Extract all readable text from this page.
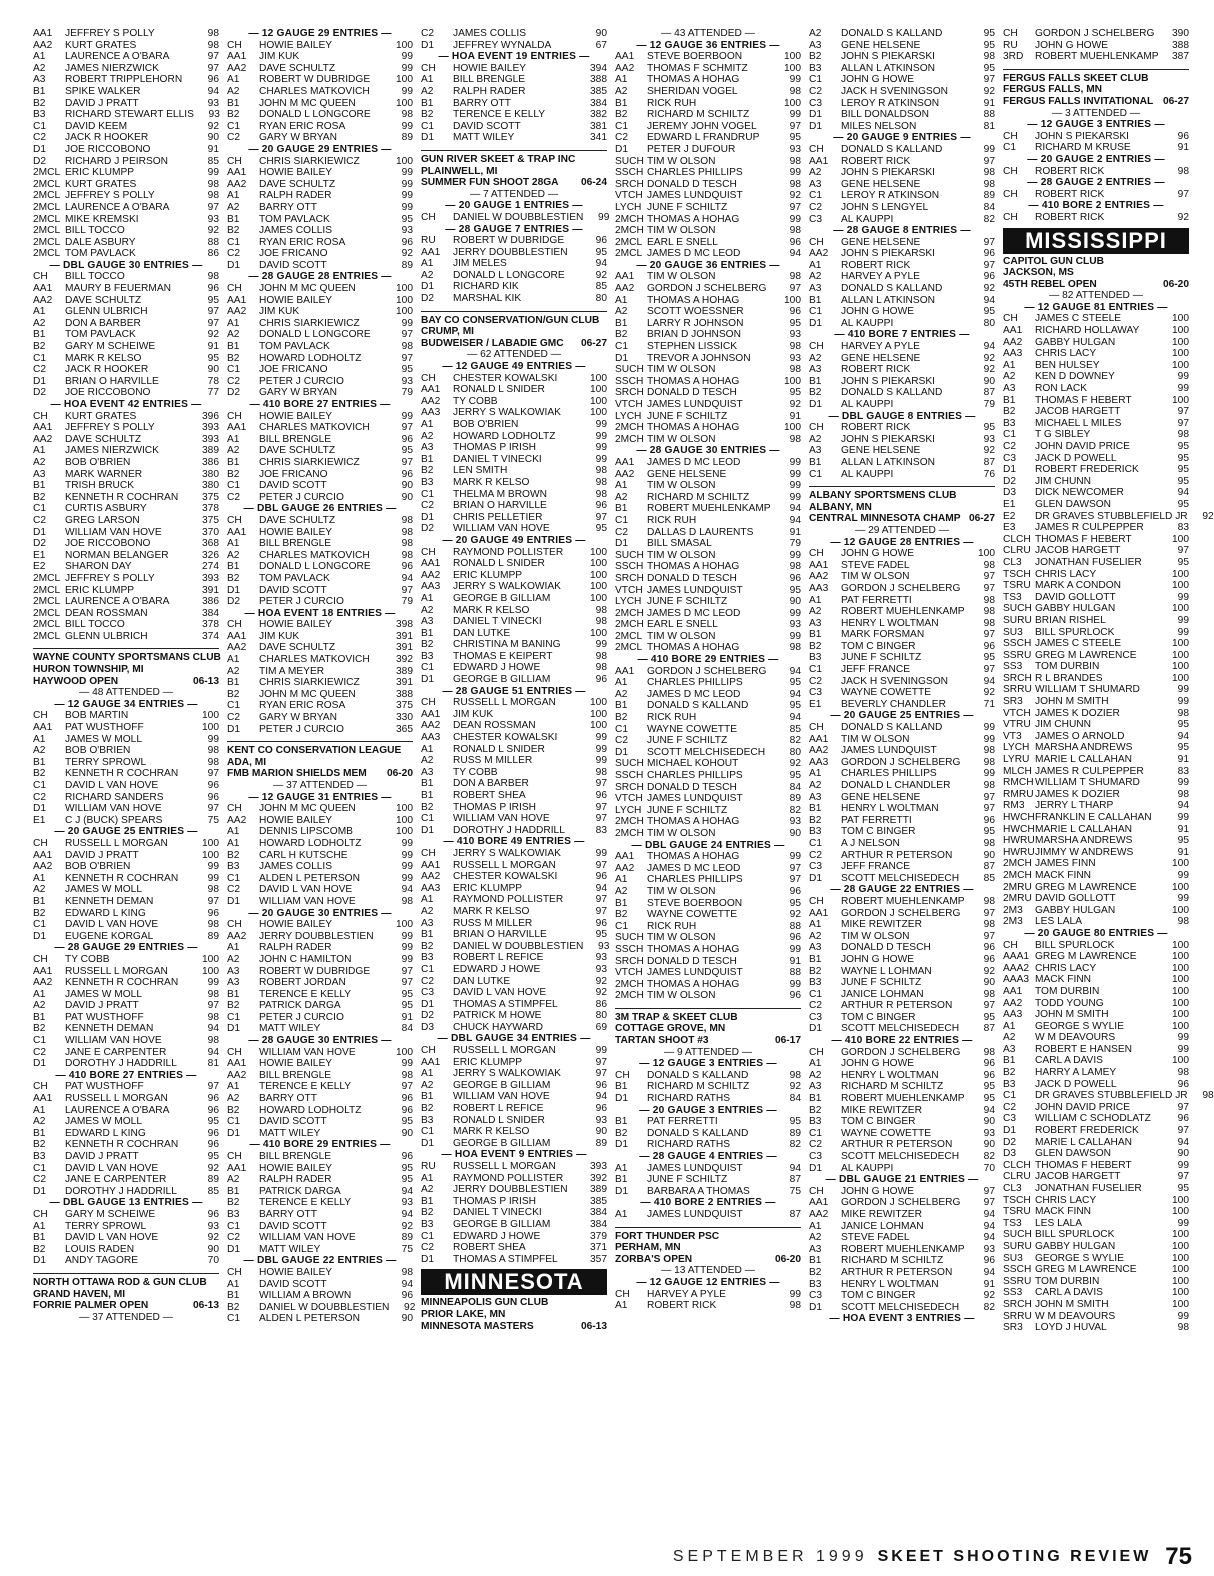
AA1	JEFFREY S POLLY	98
AA2	KURT GRATES	98
A1	LAURENCE A O'BARA	97
A2	JAMES NIERZWICK	97
A3	ROBERT TRIPPLEHORN	96
B1	SPIKE WALKER	94
B2	DAVID J PRATT	93
B3	RICHARD STEWART ELLIS	93
C1	DAVID KEEM	92
C2	JACK R HOOKER	90
D1	JOE RICCOBONO	91
D2	RICHARD J PEIRSON	85
2MCL ERIC KLUMPP	99
2MCL KURT GRATES	98
2MCL JEFFREY S POLLY	98
2MCL LAURENCE A O'BARA	97
2MCL MIKE KREMSKI	93
2MCL BILL TOCCO	92
2MCL DALE ASBURY	88
2MCL TOM PAVLACK	86
— DBL GAUGE 30 ENTRIES —
CH	BILL TOCCO	98
AA1	MAURY B FEUERMAN	96
AA2	DAVE SCHULTZ	95
A1	GLENN ULBRICH	97
A2	DON A BARBER	97
B1	TOM PAVLACK	92
B2	GARY M SCHEIWE	91
C1	MARK R KELSO	95
C2	JACK R HOOKER	90
D1	BRIAN O HARVILLE	78
D2	JOE RICCOBONO	77
— HOA EVENT 42 ENTRIES —
CH	KURT GRATES	396
AA1	JEFFREY S POLLY	393
AA2	DAVE SCHULTZ	393
A1	JAMES NIERZWICK	389
A2	BOB O'BRIEN	386
A3	MARK WARNER	380
B1	TRISH BRUCK	380
B2	KENNETH R COCHRAN	375
C1	CURTIS ASBURY	378
C2	GREG LARSON	375
D1	WILLIAM VAN HOVE	370
D2	JOE RICCOBONO	368
E1	NORMAN BELANGER	326
E2	SHARON DAY	274
2MCL JEFFREY S POLLY	393
2MCL ERIC KLUMPP	391
2MCL LAURENCE A O'BARA	386
2MCL DEAN ROSSMAN	384
2MCL BILL TOCCO	378
2MCL GLENN ULBRICH	374
WAYNE COUNTY SPORTSMANS CLUB
HURON TOWNSHIP, MI
HAYWOOD OPEN	06-13
— 48 ATTENDED —
— 12 GAUGE 34 ENTRIES —
CH	BOB MARTIN	100
AA1	PAT WUSTHOFF	100
A1	JAMES W MOLL	99
A2	BOB O'BRIEN	98
B1	TERRY SPROWL	98
B2	KENNETH R COCHRAN	97
C1	DAVID L VAN HOVE	96
C2	RICHARD SANDERS	96
D1	WILLIAM VAN HOVE	97
E1	C J (BUCK) SPEARS	75
— 20 GAUGE 25 ENTRIES —
CH	RUSSELL L MORGAN	100
AA1	DAVID J PRATT	100
AA2	BOB O'BRIEN	99
A1	KENNETH R COCHRAN	99
A2	JAMES W MOLL	98
B1	KENNETH DEMAN	97
B2	EDWARD L KING	96
C1	DAVID L VAN HOVE	98
D1	EUGENE KORGAL	89
— 28 GAUGE 29 ENTRIES —
CH	TY COBB	100
AA1	RUSSELL L MORGAN	100
AA2	KENNETH R COCHRAN	99
A1	JAMES W MOLL	98
A2	DAVID J PRATT	97
B1	PAT WUSTHOFF	98
B2	KENNETH DEMAN	94
C1	WILLIAM VAN HOVE	98
C2	JANE E CARPENTER	94
D1	DOROTHY J HADDRILL	81
— 410 BORE 27 ENTRIES —
CH	PAT WUSTHOFF	97
AA1	RUSSELL L MORGAN	96
A1	LAURENCE A O'BARA	96
A2	JAMES W MOLL	95
B1	EDWARD L KING	96
B2	KENNETH R COCHRAN	96
B3	DAVID J PRATT	95
C1	DAVID L VAN HOVE	92
C2	JANE E CARPENTER	89
D1	DOROTHY J HADDRILL	85
— DBL GAUGE 13 ENTRIES —
CH	GARY M SCHEIWE	96
A1	TERRY SPROWL	93
B1	DAVID L VAN HOVE	92
B2	LOUIS RADEN	90
D1	ANDY TAGORE	70
NORTH OTTAWA ROD & GUN CLUB
GRAND HAVEN, MI
FORRIE PALMER OPEN	06-13
— 37 ATTENDED —
— 12 GAUGE 29 ENTRIES —
CH	HOWIE BAILEY	100
AA1	JIM KUK	99
AA2	DAVE SCHULTZ	99
A1	ROBERT W DUBRIDGE	100
A2	CHARLES MATKOVICH	99
B1	JOHN M MC QUEEN	100
B2	DONALD L LONGCORE	98
C1	RYAN ERIC ROSA	99
C2	GARY W BRYAN	89
— 20 GAUGE 29 ENTRIES —
CH	CHRIS SIARKIEWICZ	100
AA1	HOWIE BAILEY	99
AA2	DAVE SCHULTZ	99
A1	RALPH RADER	99
A2	BARRY OTT	99
B1	TOM PAVLACK	95
B2	JAMES COLLIS	93
C1	RYAN ERIC ROSA	96
C2	JOE FRICANO	92
D1	DAVID SCOTT	89
— 28 GAUGE 28 ENTRIES —
CH	JOHN M MC QUEEN	100
AA1	HOWIE BAILEY	100
AA2	JIM KUK	100
A1	CHRIS SIARKIEWICZ	99
A2	DONALD L LONGCORE	97
B1	TOM PAVLACK	98
B2	HOWARD LODHOLTZ	97
C1	JOE FRICANO	95
C2	PETER J CURCIO	93
D2	GARY W BRYAN	79
— 410 BORE 27 ENTRIES —
CH	HOWIE BAILEY	99
AA1	CHARLES MATKOVICH	97
A1	BILL BRENGLE	96
A2	DAVE SCHULTZ	95
B1	CHRIS SIARKIEWICZ	97
B2	JOE FRICANO	96
C1	DAVID SCOTT	90
C2	PETER J CURCIO	90
— DBL GAUGE 26 ENTRIES —
CH	DAVE SCHULTZ	98
AA1	HOWIE BAILEY	98
A1	BILL BRENGLE	98
A2	CHARLES MATKOVICH	98
B1	DONALD L LONGCORE	96
B2	TOM PAVLACK	94
D1	DAVID SCOTT	97
D2	PETER J CURCIO	79
— HOA EVENT 18 ENTRIES —
CH	HOWIE BAILEY	398
AA1	JIM KUK	391
AA2	DAVE SCHULTZ	391
A1	CHARLES MATKOVICH	392
A2	TIM A MEYER	389
B1	CHRIS SIARKIEWICZ	391
B2	JOHN M MC QUEEN	388
C1	RYAN ERIC ROSA	375
C2	GARY W BRYAN	330
D1	PETER J CURCIO	365
KENT CO CONSERVATION LEAGUE
ADA, MI
FMB MARION SHIELDS MEM 06-20
— 37 ATTENDED —
— 12 GAUGE 31 ENTRIES —
CH	JOHN M MC QUEEN	100
AA2	HOWIE BAILEY	100
A1	DENNIS LIPSCOMB	100
A1	HOWARD LODHOLTZ	99
B2	CARL H KUTSCHE	99
B3	JAMES COLLIS	99
C1	ALDEN L PETERSON	99
C2	DAVID L VAN HOVE	94
D1	WILLIAM VAN HOVE	98
— 20 GAUGE 30 ENTRIES —
CH	HOWIE BAILEY	100
AA2	JERRY DOUBBLESTIEN	99
A1	RALPH RADER	99
A2	JOHN C HAMILTON	99
A3	ROBERT W DUBRIDGE	97
A3	ROBERT JORDAN	97
B1	TERENCE E KELLY	95
B2	PATRICK DARGA	95
C1	PETER J CURCIO	91
D1	MATT WILEY	84
— 28 GAUGE 30 ENTRIES —
CH	WILLIAM VAN HOVE	100
AA1	HOWIE BAILEY	99
AA2	BILL BRENGLE	98
A1	TERENCE E KELLY	97
A2	BARRY OTT	96
B2	HOWARD LODHOLTZ	96
C1	DAVID SCOTT	95
D1	MATT WILEY	90
— 410 BORE 29 ENTRIES —
CH	BILL BRENGLE	96
AA1	HOWIE BAILEY	95
A2	RALPH RADER	95
B1	PATRICK DARGA	94
B2	TERENCE E KELLY	93
B3	BARRY OTT	94
C1	DAVID SCOTT	92
C2	WILLIAM VAN HOVE	89
D1	MATT WILEY	75
— DBL GAUGE 22 ENTRIES —
CH	HOWIE BAILEY	98
A1	DAVID SCOTT	94
B1	WILLIAM A BROWN	96
B2	DANIEL W DOUBBLESTIEN	92
C1	ALDEN L PETERSON	90
C2	JAMES COLLIS	90
D1	JEFFREY WYNALDA	67
— HOA EVENT 19 ENTRIES —
CH	HOWIE BAILEY	394
A1	BILL BRENGLE	388
A2	RALPH RADER	385
B1	BARRY OTT	384
B2	TERENCE E KELLY	382
C1	DAVID SCOTT	381
D1	MATT WILEY	341
GUN RIVER SKEET & TRAP INC
PLAINWELL, MI
SUMMER FUN SHOOT 28GA 06-24
— 7 ATTENDED —
— 20 GAUGE 1 ENTRIES —
CH	DANIEL W DOUBBLESTIEN	99
— 28 GAUGE 7 ENTRIES —
RU	ROBERT W DUBRIDGE	96
AA1	JERRY DOUBBLESTIEN	95
A1	JIM MELES	94
A2	DONALD L LONGCORE	92
D1	RICHARD KIK	85
D2	MARSHAL KIK	80
BAY CO CONSERVATION/GUN CLUB
CRUMP, MI
BUDWEISER / LABADIE GMC 06-27
— 62 ATTENDED —
— 12 GAUGE 49 ENTRIES —
CH	CHESTER KOWALSKI	100
AA1	RONALD L SNIDER	100
AA2	TY COBB	100
AA3	JERRY S WALKOWIAK	100
A1	BOB O'BRIEN	99
A2	HOWARD LODHOLTZ	99
A3	THOMAS P IRISH	99
B1	DANIEL T VINECKI	99
B2	LEN SMITH	98
B3	MARK R KELSO	98
C1	THELMA M BROWN	98
C2	BRIAN O HARVILLE	96
D1	CHRIS PELLETIER	97
D2	WILLIAM VAN HOVE	95
— 20 GAUGE 49 ENTRIES —
CH	RAYMOND POLLISTER	100
AA1	RONALD L SNIDER	100
AA2	ERIC KLUMPP	100
AA3	JERRY S WALKOWIAK	100
A1	GEORGE B GILLIAM	100
A2	MARK R KELSO	98
A3	DANIEL T VINECKI	98
B1	DAN LUTKE	100
B2	CHRISTINA M BANING	99
B3	THOMAS E KEIPERT	98
C1	EDWARD J HOWE	98
D1	GEORGE B GILLIAM	96
— 28 GAUGE 51 ENTRIES —
CH	RUSSELL L MORGAN	100
AA1	JIM KUK	100
AA2	DEAN ROSSMAN	100
AA3	CHESTER KOWALSKI	99
A1	RONALD L SNIDER	99
A2	RUSS M MILLER	99
A3	TY COBB	98
B1	DON A BARBER	97
B1	ROBERT SHEA	96
B2	THOMAS P IRISH	97
C1	WILLIAM VAN HOVE	97
D1	DOROTHY J HADDRILL	83
— 410 BORE 49 ENTRIES —
CH	JERRY S WALKOWIAK	99
AA1	RUSSELL L MORGAN	97
AA2	CHESTER KOWALSKI	96
AA3	ERIC KLUMPP	94
A1	RAYMOND POLLISTER	97
A2	MARK R KELSO	97
A3	RUSS M MILLER	96
B1	BRIAN O HARVILLE	95
B2	DANIEL W DOUBBLESTIEN	93
B3	ROBERT L REFICE	93
C1	EDWARD J HOWE	93
C2	DAN LUTKE	92
C3	DAVID L VAN HOVE	92
D1	THOMAS A STIMPFEL	86
D2	PATRICK M HOWE	80
D3	CHUCK HAYWARD	69
— DBL GAUGE 34 ENTRIES —
CH	RUSSELL L MORGAN	99
AA1	ERIC KLUMPP	97
A1	JERRY S WALKOWIAK	97
A2	GEORGE B GILLIAM	96
B1	WILLIAM VAN HOVE	94
B2	ROBERT L REFICE	96
B3	RONALD L SNIDER	93
C1	MARK R KELSO	90
D1	GEORGE B GILLIAM	89
— HOA EVENT 9 ENTRIES —
RU	RUSSELL L MORGAN	393
A1	RAYMOND POLLISTER	392
A2	JERRY DOUBBLESTIEN	389
B1	THOMAS P IRISH	385
B2	DANIEL T VINECKI	384
B3	GEORGE B GILLIAM	384
C1	EDWARD J HOWE	379
C2	ROBERT SHEA	371
D1	THOMAS A STIMPFEL	357
MINNESOTA
MINNEAPOLIS GUN CLUB
PRIOR LAKE, MN
MINNESOTA MASTERS	06-13
— 43 ATTENDED —
— 12 GAUGE 36 ENTRIES —
AA1	STEVE BOERBOON	100
AA2	THOMAS F SCHMITZ	100
A1	THOMAS A HOHAG	99
A2	SHERIDAN VOGEL	98
B1	RICK RUH	100
B2	RICHARD M SCHILTZ	99
C1	JEREMY JOHN VOGEL	97
C2	EDWARD L FRANDRUP	95
D1	PETER J DUFOUR	93
SUCH TIM W OLSON	98
SSCH CHARLES PHILLIPS	99
SRCH DONALD D TESCH	98
VTCH JAMES LUNDQUIST	92
LYCH JUNE F SCHILTZ	97
2MCH THOMAS A HOHAG	99
2MCH TIM W OLSON	98
2MCL EARL E SNELL	96
2MCL JAMES D MC LEOD	94
— 20 GAUGE 36 ENTRIES —
AA1	TIM W OLSON	98
AA2	GORDON J SCHELBERG	97
A1	THOMAS A HOHAG	100
A2	SCOTT WOESSNER	96
B1	LARRY R JOHNSON	95
B2	BRIAN D JOHNSON	93
C1	STEPHEN LISSICK	98
D1	TREVOR A JOHNSON	93
SUCH TIM W OLSON	98
SSCH THOMAS A HOHAG	100
SRCH DONALD D TESCH	95
VTCH JAMES LUNDQUIST	92
LYCH JUNE F SCHILTZ	91
2MCH THOMAS A HOHAG	100
2MCH TIM W OLSON	98
— 28 GAUGE 30 ENTRIES —
AA1	JAMES D MC LEOD	99
AA2	GENE HELSENE	99
A1	TIM W OLSON	99
A2	RICHARD M SCHILTZ	99
B1	ROBERT MUEHLENKAMP	94
C1	RICK RUH	94
C2	DALLAS D LAURENTS	91
D1	BILL SMASAL	79
SUCH TIM W OLSON	99
SSCH THOMAS A HOHAG	98
SRCH DONALD D TESCH	96
VTCH JAMES LUNDQUIST	95
LYCH JUNE F SCHILTZ	90
2MCH JAMES D MC LEOD	99
2MCH EARL E SNELL	93
2MCL TIM W OLSON	99
2MCL THOMAS A HOHAG	98
— 410 BORE 29 ENTRIES —
AA1	GORDON J SCHELBERG	94
A1	CHARLES PHILLIPS	95
A2	JAMES D MC LEOD	94
B1	DONALD S KALLAND	95
B2	RICK RUH	94
C1	WAYNE COWETTE	85
C2	JUNE F SCHILTZ	82
D1	SCOTT MELCHISEDECH	80
SUCH MICHAEL KOHOUT	92
SSCH CHARLES PHILLIPS	95
SRCH DONALD D TESCH	84
VTCH JAMES LUNDQUIST	89
LYCH JUNE F SCHILTZ	82
2MCH THOMAS A HOHAG	93
2MCH TIM W OLSON	90
— DBL GAUGE 24 ENTRIES —
AA1	THOMAS A HOHAG	99
AA2	JAMES D MC LEOD	97
A1	CHARLES PHILLIPS	97
A2	TIM W OLSON	96
B1	STEVE BOERBOON	95
B2	WAYNE COWETTE	92
C1	RICK RUH	88
SUCH TIM W OLSON	96
SSCH THOMAS A HOHAG	99
SRCH DONALD D TESCH	91
VTCH JAMES LUNDQUIST	88
2MCH THOMAS A HOHAG	99
2MCH TIM W OLSON	96
3M TRAP & SKEET CLUB
COTTAGE GROVE, MN
TARTAN SHOOT #3	06-17
— 9 ATTENDED —
— 12 GAUGE 3 ENTRIES —
CH	DONALD S KALLAND	98
B1	RICHARD M SCHILTZ	92
D1	RICHARD RATHS	84
— 20 GAUGE 3 ENTRIES —
B1	PAT FERRETTI	95
B2	DONALD S KALLAND	89
D1	RICHARD RATHS	82
— 28 GAUGE 4 ENTRIES —
A1	JAMES LUNDQUIST	94
B1	JUNE F SCHILTZ	87
D1	BARBARA A THOMAS	75
— 410 BORE 2 ENTRIES —
A1	JAMES LUNDQUIST	87
FORT THUNDER PSC
PERHAM, MN
ZORBA'S OPEN	06-20
— 13 ATTENDED —
— 12 GAUGE 12 ENTRIES —
CH	HARVEY A PYLE	99
A1	ROBERT RICK	98
A2	DONALD S KALLAND	95
A3	GENE HELSENE	95
B2	JOHN S PIEKARSKI	98
B3	ALLAN L ATKINSON	95
C1	JOHN G HOWE	97
C2	JACK H SVENINGSON	92
C3	LEROY R ATKINSON	91
D1	BILL DONALDSON	88
D1	MILES NELSON	81
— 20 GAUGE 9 ENTRIES —
CH	DONALD S KALLAND	99
AA1	ROBERT RICK	97
A2	JOHN S PIEKARSKI	98
A3	GENE HELSENE	98
C1	LEROY R ATKINSON	89
C2	JOHN S LENGYEL	84
C3	AL KAUPPI	82
— 28 GAUGE 8 ENTRIES —
CH	GENE HELSENE	97
AA2	JOHN S PIEKARSKI	96
A1	ROBERT RICK	97
A2	HARVEY A PYLE	96
A3	DONALD S KALLAND	92
B1	ALLAN L ATKINSON	94
C1	JOHN G HOWE	95
D1	AL KAUPPI	80
— 410 BORE 7 ENTRIES —
CH	HARVEY A PYLE	94
A2	GENE HELSENE	92
A3	ROBERT RICK	92
B1	JOHN S PIEKARSKI	90
B2	DONALD S KALLAND	87
D1	AL KAUPPI	79
— DBL GAUGE 8 ENTRIES —
CH	ROBERT RICK	95
A2	JOHN S PIEKARSKI	93
A3	GENE HELSENE	92
B1	ALLAN L ATKINSON	87
C1	AL KAUPPI	76
ALBANY SPORTSMENS CLUB
ALBANY, MN
CENTRAL MINNESOTA CHAMP 06-27
— 29 ATTENDED —
— 12 GAUGE 28 ENTRIES —
CH	JOHN G HOWE	100
AA1	STEVE FADEL	98
AA2	TIM W OLSON	97
AA3	GORDON J SCHELBERG	97
A1	PAT FERRETTI	98
A2	ROBERT MUEHLENKAMP	98
A3	HENRY L WOLTMAN	98
B1	MARK FORSMAN	97
B2	TOM C BINGER	96
B3	JUNE F SCHILTZ	95
C1	JEFF FRANCE	97
C2	JACK H SVENINGSON	94
C3	WAYNE COWETTE	92
E1	BEVERLY CHANDLER	71
— 20 GAUGE 25 ENTRIES —
CH	DONALD S KALLAND	99
AA1	TIM W OLSON	99
AA2	JAMES LUNDQUIST	98
AA3	GORDON J SCHELBERG	98
A1	CHARLES PHILLIPS	99
A2	DONALD L CHANDLER	98
A3	GENE HELSENE	97
B1	HENRY L WOLTMAN	97
B2	PAT FERRETTI	96
B3	TOM C BINGER	95
C1	A J NELSON	98
C2	ARTHUR R PETERSON	90
C3	JEFF FRANCE	87
D1	SCOTT MELCHISEDECH	85
— 28 GAUGE 22 ENTRIES —
CH	ROBERT MUEHLENKAMP	98
AA1	GORDON J SCHELBERG	97
A1	MIKE REWITZER	98
A2	TIM W OLSON	97
A3	DONALD D TESCH	96
B1	JOHN G HOWE	96
B2	WAYNE L LOHMAN	92
B3	JUNE F SCHILTZ	90
C1	JANICE LOHMAN	98
C2	ARTHUR R PETERSON	97
C3	TOM C BINGER	95
D1	SCOTT MELCHISEDECH	87
— 410 BORE 22 ENTRIES —
CH	GORDON J SCHELBERG	98
A1	JOHN G HOWE	96
A2	HENRY L WOLTMAN	96
A3	RICHARD M SCHILTZ	95
B1	ROBERT MUEHLENKAMP	95
B2	MIKE REWITZER	94
B3	TOM C BINGER	90
C1	WAYNE COWETTE	93
C2	ARTHUR R PETERSON	90
C3	SCOTT MELCHISEDECH	82
D1	AL KAUPPI	70
— DBL GAUGE 21 ENTRIES —
CH	JOHN G HOWE	97
AA1	GORDON J SCHELBERG	97
AA2	MIKE REWITZER	94
A1	JANICE LOHMAN	94
A2	STEVE FADEL	94
A3	ROBERT MUEHLENKAMP	93
B1	RICHARD M SCHILTZ	96
B2	ARTHUR R PETERSON	94
B3	HENRY L WOLTMAN	91
C3	TOM C BINGER	92
D1	SCOTT MELCHISEDECH	82
— HOA EVENT 3 ENTRIES —
CH	GORDON J SCHELBERG	390
RU	JOHN G HOWE	388
3RD	ROBERT MUEHLENKAMP	387
FERGUS FALLS SKEET CLUB
FERGUS FALLS, MN
FERGUS FALLS INVITATIONAL 06-27
— 3 ATTENDED —
— 12 GAUGE 3 ENTRIES —
CH	JOHN S PIEKARSKI	96
C1	RICHARD M KRUSE	91
— 20 GAUGE 2 ENTRIES —
CH	ROBERT RICK	98
— 28 GAUGE 2 ENTRIES —
CH	ROBERT RICK	97
— 410 BORE 2 ENTRIES —
CH	ROBERT RICK	92
MISSISSIPPI
CAPITOL GUN CLUB
JACKSON, MS
45TH REBEL OPEN	06-20
— 82 ATTENDED —
— 12 GAUGE 81 ENTRIES —
CH	JAMES C STEELE	100
AA1	RICHARD HOLLAWAY	100
AA2	GABBY HULGAN	100
AA3	CHRIS LACY	100
A1	BEN HULSEY	100
A2	KEN D DOWNEY	99
A3	RON LACK	99
B1	THOMAS F HEBERT	100
B2	JACOB HARGETT	97
B3	MICHAEL L MILES	97
C1	T G SIBLEY	98
C2	JOHN DAVID PRICE	95
C3	JACK D POWELL	95
D1	ROBERT FREDERICK	95
D2	JIM CHUNN	95
D3	DICK NEWCOMER	94
E1	GLEN DAWSON	95
E2	DR GRAVES STUBBLEFIELD JR	92
E3	JAMES R CULPEPPER	83
CLCH THOMAS F HEBERT	100
CLRU JACOB HARGETT	97
CL3	JONATHAN FUSELIER	95
TSCH CHRIS LACY	100
TSRU MARK A CONDON	100
TS3	DAVID GOLLOTT	99
SUCH GABBY HULGAN	100
SURU BRIAN RISHEL	99
SU3	BILL SPURLOCK	99
SSCH JAMES C STEELE	100
SSRU GREG M LAWRENCE	100
SS3	TOM DURBIN	100
SRCH R L BRANDES	100
SRRU WILLIAM T SHUMARD	99
SR3	JOHN M SMITH	99
VTCH JAMES K DOZIER	98
VTRU JIM CHUNN	95
VT3	JAMES O ARNOLD	94
LYCH MARSHA ANDREWS	95
LYRU MARIE L CALLAHAN	91
MLCH JAMES R CULPEPPER	83
RMCH WILLIAM T SHUMARD	99
RMRU JAMES K DOZIER	98
RM3	JERRY L THARP	94
HWCH FRANKLIN E CALLAHAN	99
HWCH MARIE L CALLAHAN	91
HWRU MARSHA ANDREWS	95
HWRU JIMMY W ANDREWS	91
2MCH JAMES FINN	100
2MCH MACK FINN	99
2MRU GREG M LAWRENCE	100
2MRU DAVID GOLLOTT	99
2M3	GABBY HULGAN	100
2M3	LES LALA	98
— 20 GAUGE 80 ENTRIES —
CH	BILL SPURLOCK	100
AAA1 GREG M LAWRENCE	100
AAA2 CHRIS LACY	100
AAA3 MACK FINN	100
AA1	TOM DURBIN	100
AA2	TODD YOUNG	100
AA3	JOHN M SMITH	100
A1	GEORGE S WYLIE	100
A2	W M DEAVOURS	99
A3	ROBERT E HANSEN	99
B1	CARL A DAVIS	100
B2	HARRY A LAMEY	98
B3	JACK D POWELL	96
C1	DR GRAVES STUBBLEFIELD JR	98
C2	JOHN DAVID PRICE	97
C3	WILLIAM C SCHODLATZ	96
D1	ROBERT FREDERICK	97
D2	MARIE L CALLAHAN	94
D3	GLEN DAWSON	90
CLCH THOMAS F HEBERT	99
CLRU JACOB HARGETT	97
CL3	JONATHAN FUSELIER	95
TSCH CHRIS LACY	100
TSRU MACK FINN	100
TS3	LES LALA	99
SUCH BILL SPURLOCK	100
SURU GABBY HULGAN	100
SU3	GEORGE S WYLIE	100
SSCH GREG M LAWRENCE	100
SSRU TOM DURBIN	100
SS3	CARL A DAVIS	100
SRCH JOHN M SMITH	100
SRRU W M DEAVOURS	99
SR3	LOYD J HUVAL	98
SEPTEMBER 1999 SKEET SHOOTING REVIEW 75
